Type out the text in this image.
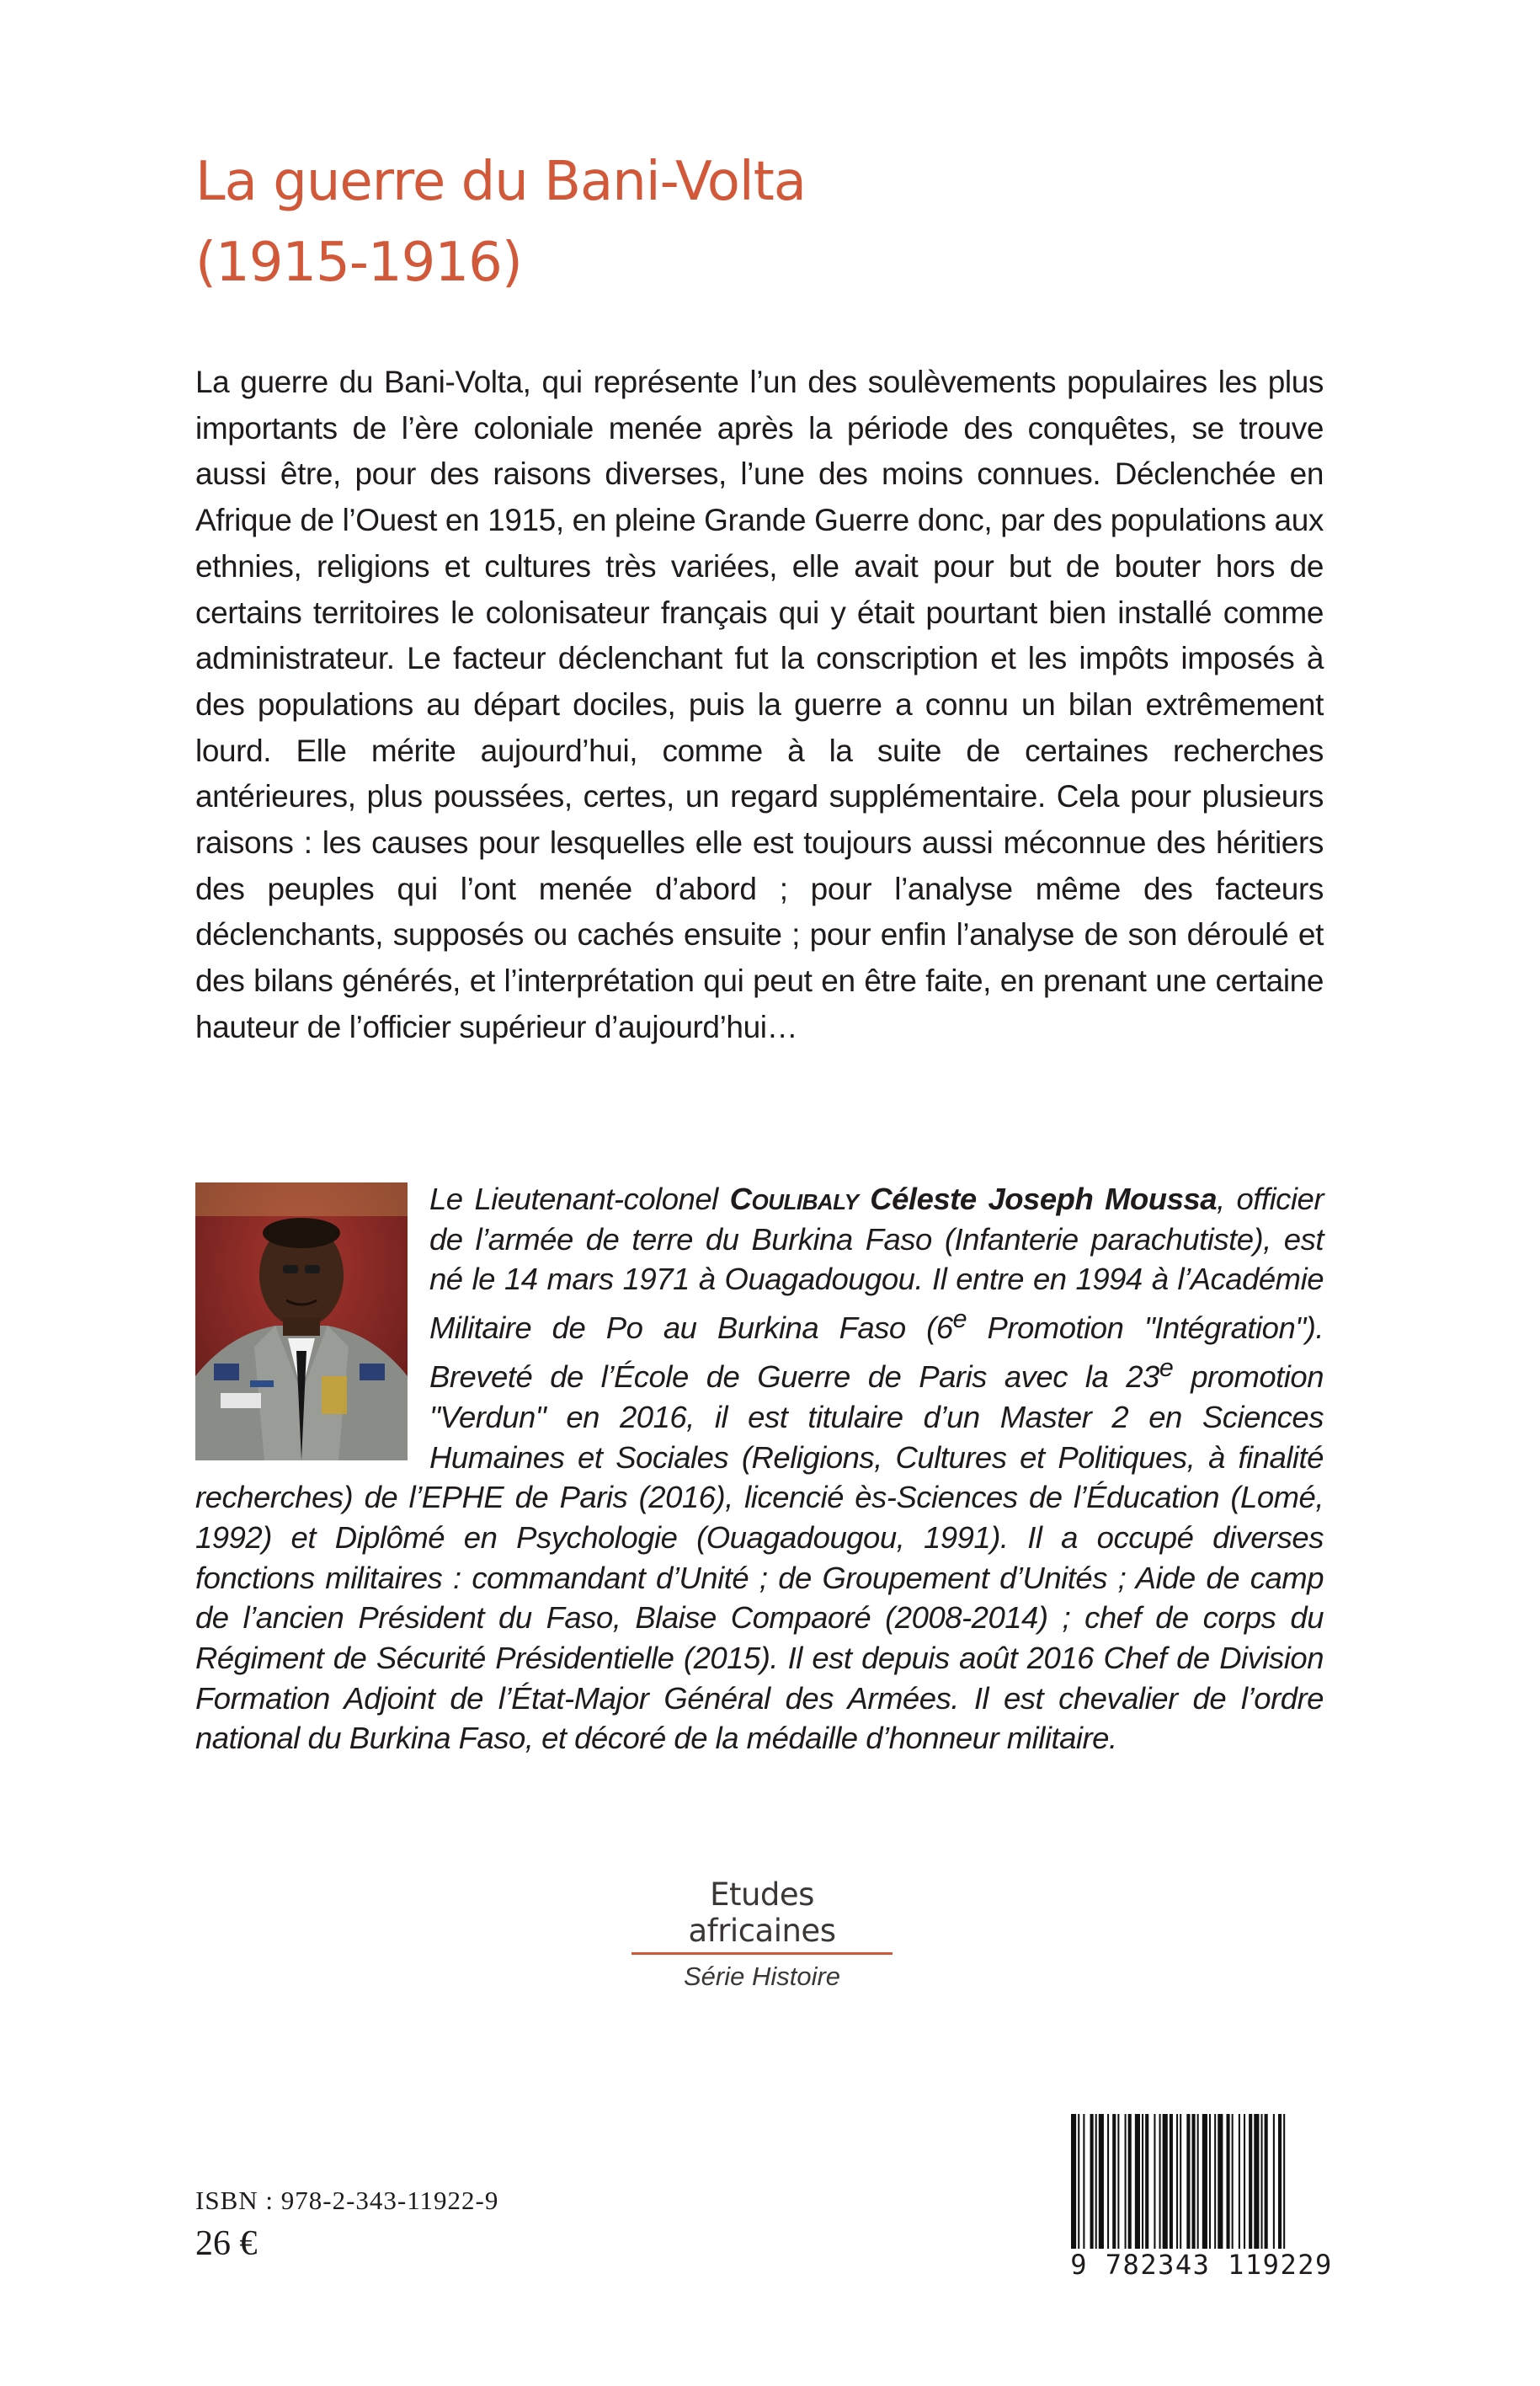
La guerre du Bani-Volta
(1915-1916)

La guerre du Bani-Volta, qui représente l’un des soulèvements populaires les plus importants de l’ère coloniale menée après la période des conquêtes, se trouve aussi être, pour des raisons diverses, l’une des moins connues. Déclenchée en Afrique de l’Ouest en 1915, en pleine Grande Guerre donc, par des populations aux ethnies, religions et cultures très variées, elle avait pour but de bouter hors de certains territoires le colonisateur français qui y était pourtant bien installé comme administrateur. Le facteur déclenchant fut la conscription et les impôts imposés à des populations au départ dociles, puis la guerre a connu un bilan extrêmement lourd. Elle mérite aujourd’hui, comme à la suite de certaines recherches antérieures, plus poussées, certes, un regard supplémentaire. Cela pour plusieurs raisons : les causes pour lesquelles elle est toujours aussi méconnue des héritiers des peuples qui l’ont menée d’abord ; pour l’analyse même des facteurs déclenchants, supposés ou cachés ensuite ; pour enfin l’analyse de son déroulé et des bilans générés, et l’interprétation qui peut en être faite, en prenant une certaine hauteur de l’officier supérieur d’aujourd’hui…

Le Lieutenant-colonel Coulibaly Céleste Joseph Moussa, officier de l’armée de terre du Burkina Faso (Infanterie parachutiste), est né le 14 mars 1971 à Ouagadougou. Il entre en 1994 à l’Académie Militaire de Po au Burkina Faso (6e Promotion "Intégration"). Breveté de l’École de Guerre de Paris avec la 23e promotion "Verdun" en 2016, il est titulaire d’un Master 2 en Sciences Humaines et Sociales (Religions, Cultures et Politiques, à finalité recherches) de l’EPHE de Paris (2016), licencié ès-Sciences de l’Éducation (Lomé, 1992) et Diplômé en Psychologie (Ouagadougou, 1991). Il a occupé diverses fonctions militaires : commandant d’Unité ; de Groupement d’Unités ; Aide de camp de l’ancien Président du Faso, Blaise Compaoré (2008-2014) ; chef de corps du Régiment de Sécurité Présidentielle (2015). Il est depuis août 2016 Chef de Division Formation Adjoint de l’État-Major Général des Armées. Il est chevalier de l’ordre national du Burkina Faso, et décoré de la médaille d’honneur militaire.

Etudes africaines
Série Histoire
ISBN : 978-2-343-11922-9
26 €
9 782343 119229
